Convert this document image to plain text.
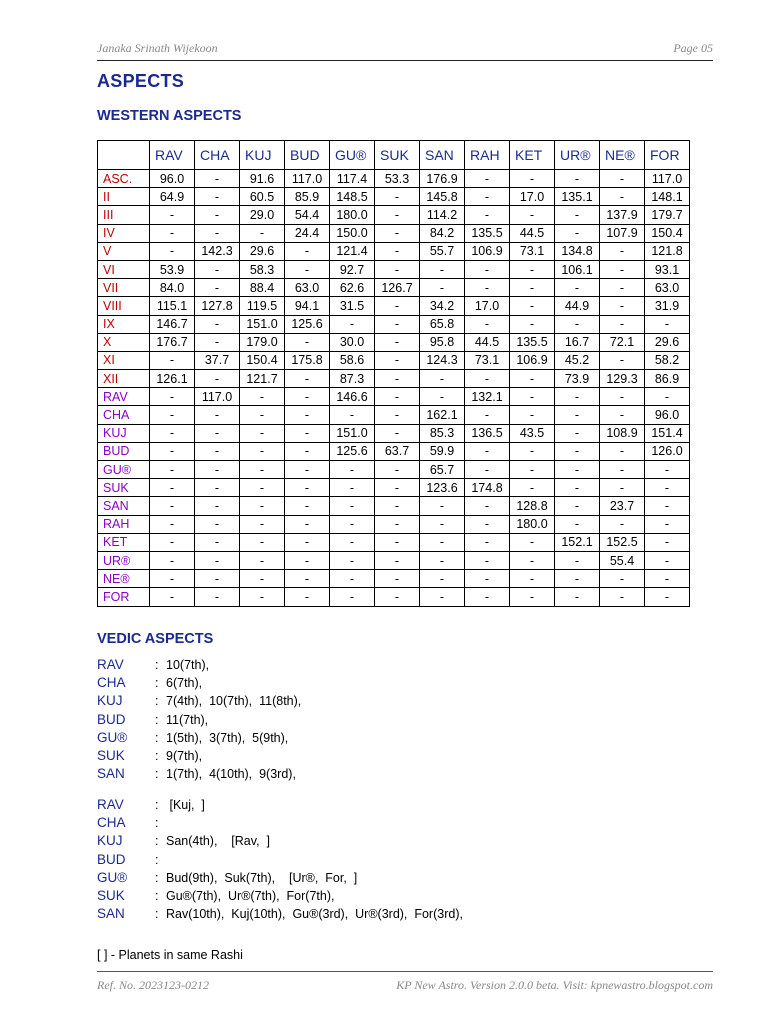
Janaka Srinath Wijekoon	Page 05
ASPECTS
WESTERN ASPECTS
	RAV	CHA	KUJ	BUD	GU®	SUK	SAN	RAH	KET	UR®	NE®	FOR
ASC.	96.0	-	91.6	117.0	117.4	53.3	176.9	-	-	-	-	117.0
II	64.9	-	60.5	85.9	148.5	-	145.8	-	17.0	135.1	-	148.1
III	-	-	29.0	54.4	180.0	-	114.2	-	-	-	137.9	179.7
IV	-	-	-	24.4	150.0	-	84.2	135.5	44.5	-	107.9	150.4
V	-	142.3	29.6	-	121.4	-	55.7	106.9	73.1	134.8	-	121.8
VI	53.9	-	58.3	-	92.7	-	-	-	-	106.1	-	93.1
VII	84.0	-	88.4	63.0	62.6	126.7	-	-	-	-	-	63.0
VIII	115.1	127.8	119.5	94.1	31.5	-	34.2	17.0	-	44.9	-	31.9
IX	146.7	-	151.0	125.6	-	-	65.8	-	-	-	-	-
X	176.7	-	179.0	-	30.0	-	95.8	44.5	135.5	16.7	72.1	29.6
XI	-	37.7	150.4	175.8	58.6	-	124.3	73.1	106.9	45.2	-	58.2
XII	126.1	-	121.7	-	87.3	-	-	-	-	73.9	129.3	86.9
RAV	-	117.0	-	-	146.6	-	-	132.1	-	-	-	-
CHA	-	-	-	-	-	-	162.1	-	-	-	-	96.0
KUJ	-	-	-	-	151.0	-	85.3	136.5	43.5	-	108.9	151.4
BUD	-	-	-	-	125.6	63.7	59.9	-	-	-	-	126.0
GU®	-	-	-	-	-	-	65.7	-	-	-	-	-
SUK	-	-	-	-	-	-	123.6	174.8	-	-	-	-
SAN	-	-	-	-	-	-	-	-	128.8	-	23.7	-
RAH	-	-	-	-	-	-	-	-	180.0	-	-	-
KET	-	-	-	-	-	-	-	-	-	152.1	152.5	-
UR®	-	-	-	-	-	-	-	-	-	-	55.4	-
NE®	-	-	-	-	-	-	-	-	-	-	-	-
FOR	-	-	-	-	-	-	-	-	-	-	-	-
VEDIC ASPECTS
RAV : 10(7th),
CHA : 6(7th),
KUJ	: 7(4th),  10(7th),  11(8th),
BUD : 11(7th),
GU® : 1(5th),  3(7th),  5(9th),
SUK : 9(7th),
SAN : 1(7th),  4(10th),  9(3rd),
RAV : [Kuj,  ]
CHA :
KUJ	: San(4th),    [Rav,  ]
BUD :
GU® : Bud(9th),  Suk(7th),    [Ur®,  For,  ]
SUK : Gu®(7th),  Ur®(7th),  For(7th),
SAN : Rav(10th),  Kuj(10th),  Gu®(3rd),  Ur®(3rd),  For(3rd),
[ ] - Planets in same Rashi
Ref. No. 2023123-0212	KP New Astro. Version 2.0.0 beta. Visit: kpnewastro.blogspot.com
